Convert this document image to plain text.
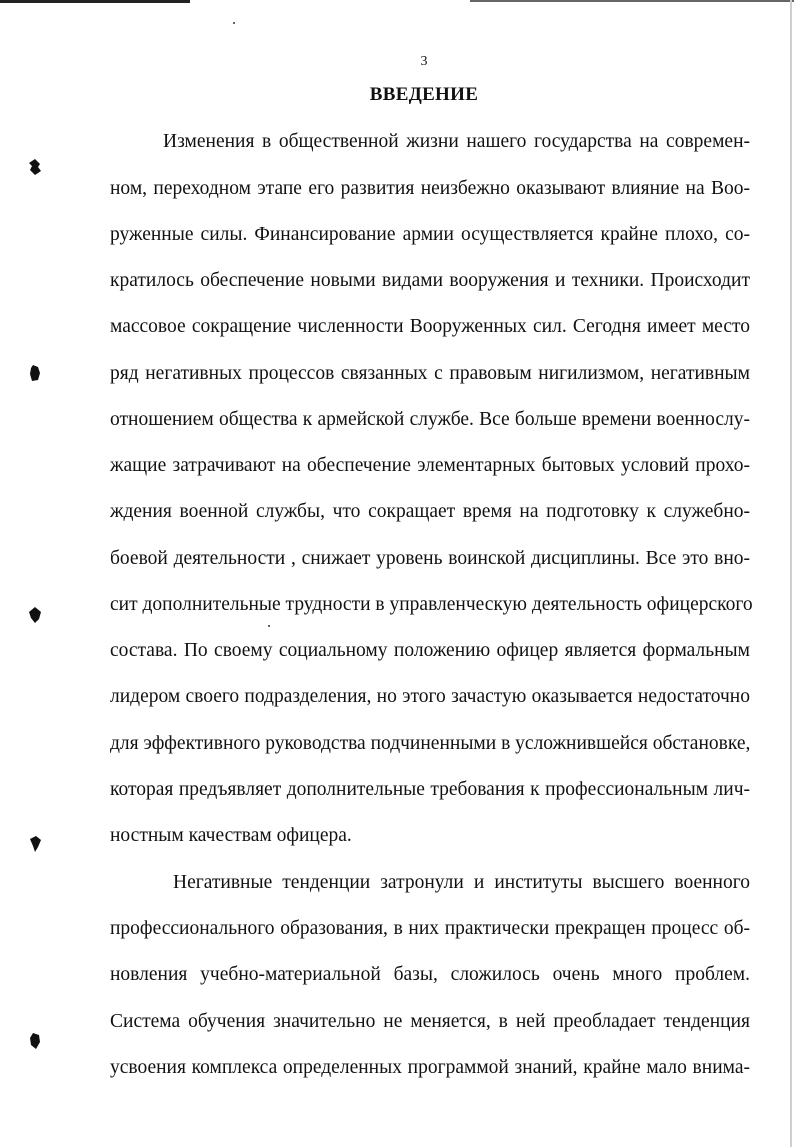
3
ВВЕДЕНИЕ
Изменения в общественной жизни нашего государства на современ-
ном, переходном этапе его развития неизбежно оказывают влияние на Воо-
руженные силы. Финансирование армии осуществляется крайне плохо, со-
кратилось обеспечение новыми видами вооружения и техники. Происходит
массовое сокращение численности Вооруженных сил. Сегодня имеет место
ряд негативных процессов связанных с правовым нигилизмом, негативным
отношением общества к армейской службе. Все больше времени военнослу-
жащие затрачивают на обеспечение элементарных бытовых условий прохо-
ждения военной службы, что сокращает время на подготовку к служебно-
боевой деятельности , снижает уровень воинской дисциплины. Все это вно-
сит дополнительные трудности в управленческую деятельность офицерского
состава. По своему социальному положению офицер является формальным
лидером своего подразделения, но этого зачастую оказывается недостаточно
для эффективного руководства подчиненными в усложнившейся обстановке,
которая предъявляет дополнительные требования к профессиональным лич-
ностным качествам офицера.
Негативные тенденции затронули и институты высшего военного
профессионального образования, в них практически прекращен процесс об-
новления учебно-материальной базы, сложилось очень много проблем.
Система обучения значительно не меняется, в ней преобладает тенденция
усвоения комплекса определенных программой знаний, крайне мало внима-
